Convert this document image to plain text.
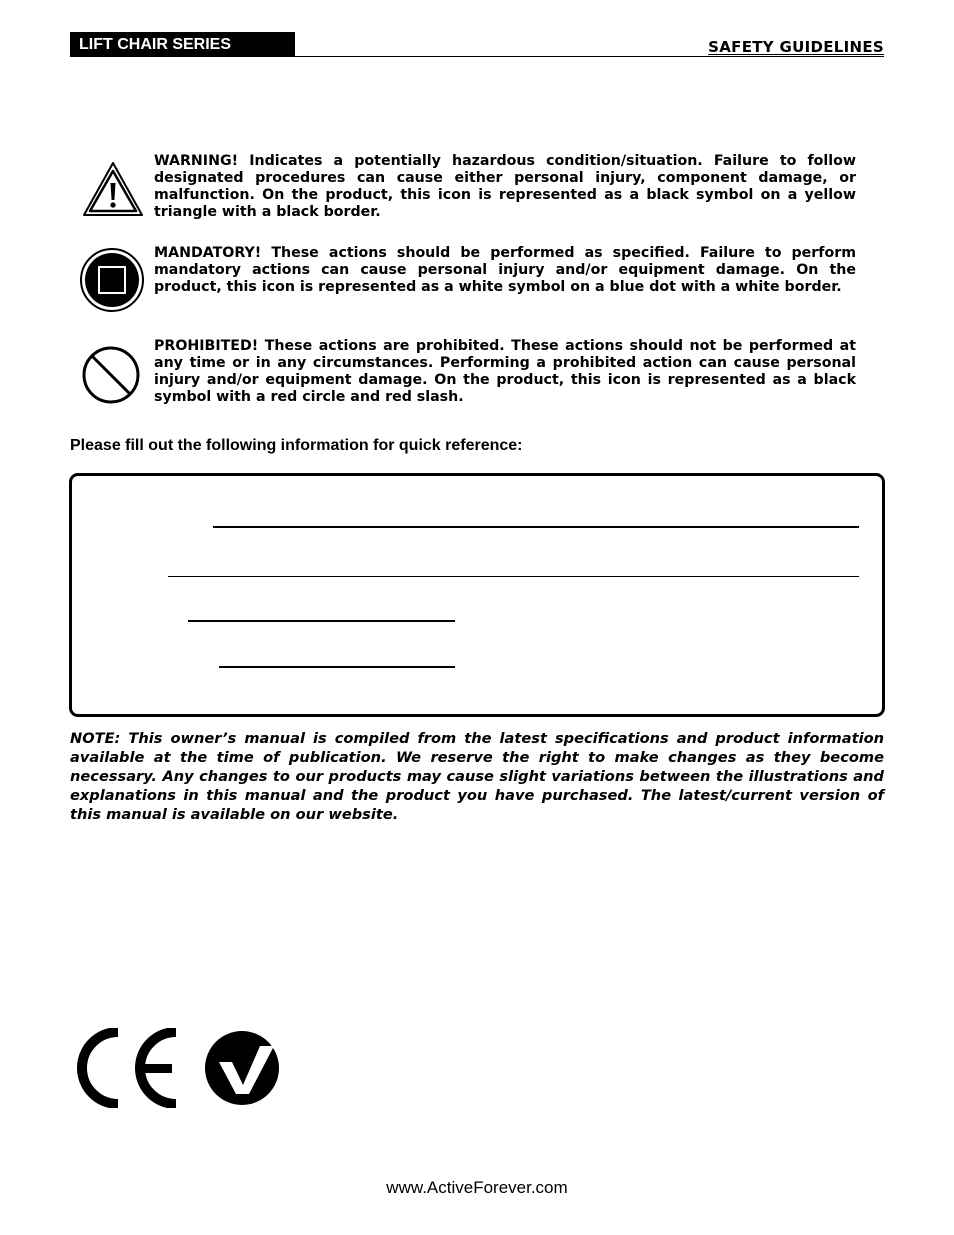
LIFT CHAIR SERIES	SAFETY GUIDELINES
WARNING! Indicates a potentially hazardous condition/situation. Failure to follow designated procedures can cause either personal injury, component damage, or malfunction. On the product, this icon is represented as a black symbol on a yellow triangle with a black border.
MANDATORY! These actions should be performed as specified. Failure to perform mandatory actions can cause personal injury and/or equipment damage. On the product, this icon is represented as a white symbol on a blue dot with a white border.
PROHIBITED! These actions are prohibited. These actions should not be performed at any time or in any circumstances. Performing a prohibited action can cause personal injury and/or equipment damage. On the product, this icon is represented as a black symbol with a red circle and red slash.
Please fill out the following information for quick reference:
NOTE: This owner’s manual is compiled from the latest specifications and product information available at the time of publication. We reserve the right to make changes as they become necessary. Any changes to our products may cause slight variations between the illustrations and explanations in this manual and the product you have purchased. The latest/current version of this manual is available on our website.
www.ActiveForever.com
